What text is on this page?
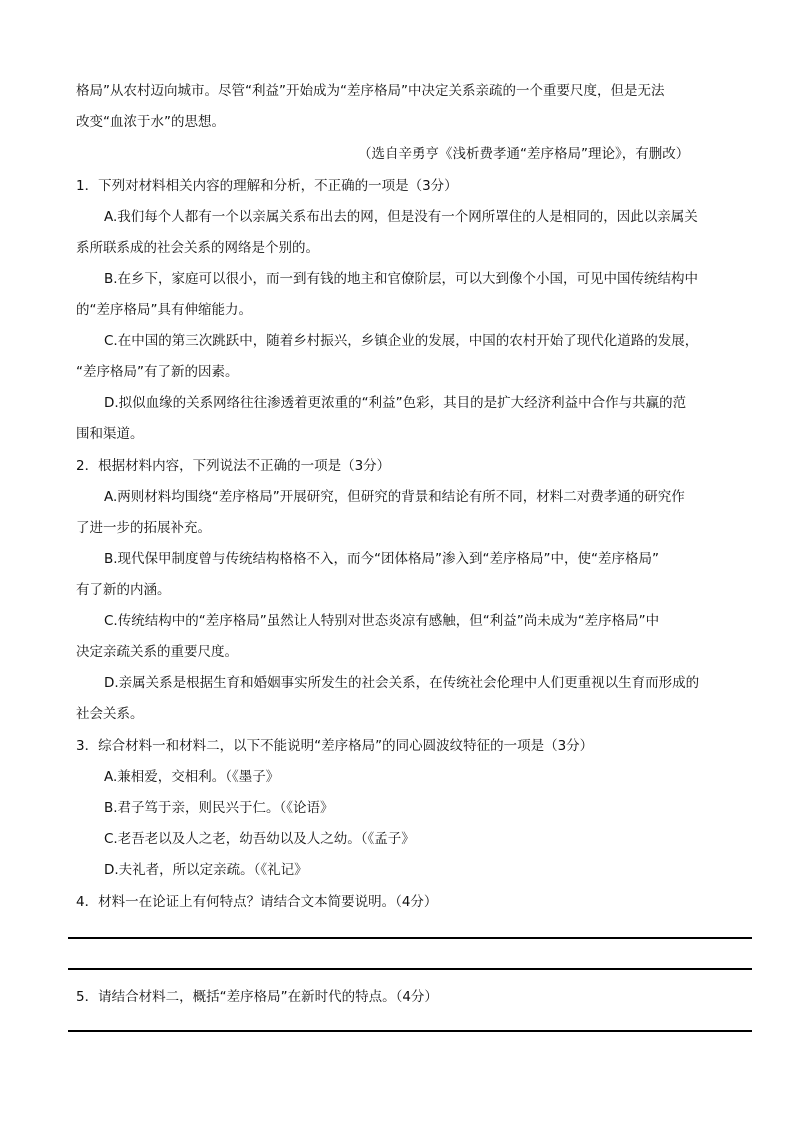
格局”从农村迈向城市。尽管“利益”开始成为“差序格局”中决定关系亲疏的一个重要尺度，但是无法
改变“血浓于水”的思想。
（选自辛勇亨《浅析费孝通“差序格局”理论》，有删改）
1．下列对材料相关内容的理解和分析，不正确的一项是（3分）
A.我们每个人都有一个以亲属关系布出去的网，但是没有一个网所罩住的人是相同的，因此以亲属关
系所联系成的社会关系的网络是个别的。
B.在乡下，家庭可以很小，而一到有钱的地主和官僚阶层，可以大到像个小国，可见中国传统结构中
的“差序格局”具有伸缩能力。
C.在中国的第三次跳跃中，随着乡村振兴，乡镇企业的发展，中国的农村开始了现代化道路的发展，
“差序格局”有了新的因素。
D.拟似血缘的关系网络往往渗透着更浓重的“利益”色彩，其目的是扩大经济利益中合作与共赢的范
围和渠道。
2．根据材料内容，下列说法不正确的一项是（3分）
A.两则材料均围绕“差序格局”开展研究，但研究的背景和结论有所不同，材料二对费孝通的研究作
了进一步的拓展补充。
B.现代保甲制度曾与传统结构格格不入，而今“团体格局”渗入到“差序格局”中，使“差序格局”
有了新的内涵。
C.传统结构中的“差序格局”虽然让人特别对世态炎凉有感触，但“利益”尚未成为“差序格局”中
决定亲疏关系的重要尺度。
D.亲属关系是根据生育和婚姻事实所发生的社会关系，在传统社会伦理中人们更重视以生育而形成的
社会关系。
3．综合材料一和材料二，以下不能说明“差序格局”的同心圆波纹特征的一项是（3分）
A.兼相爱，交相利。（《墨子》
B.君子笃于亲，则民兴于仁。（《论语》
C.老吾老以及人之老，幼吾幼以及人之幼。（《孟子》
D.夫礼者，所以定亲疏。（《礼记》
4．材料一在论证上有何特点？请结合文本简要说明。（4分）
5．请结合材料二，概括“差序格局”在新时代的特点。（4分）
